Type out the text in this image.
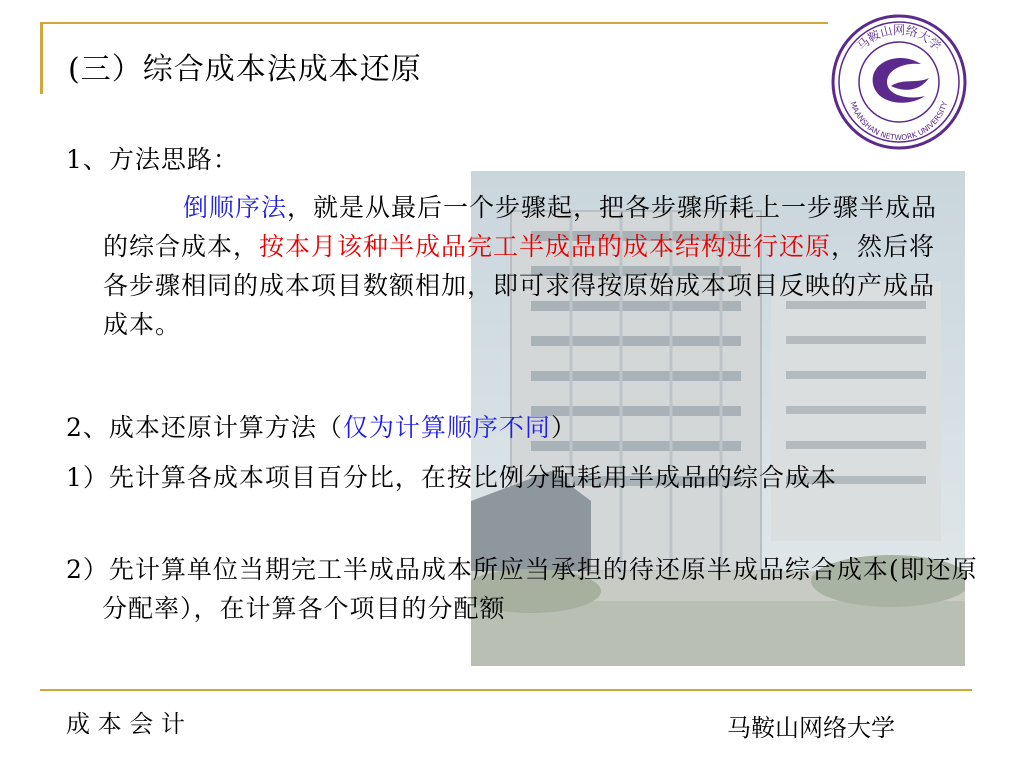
(三）综合成本法成本还原
马鞍山网络大学
MAANSHAN NETWORK UNIVERSITY
1、方法思路：
倒顺序法，就是从最后一个步骤起，把各步骤所耗上一步骤半成品的综合成本，按本月该种半成品完工半成品的成本结构进行还原，然后将各步骤相同的成本项目数额相加，即可求得按原始成本项目反映的产成品成本。
2、成本还原计算方法（仅为计算顺序不同）
1）先计算各成本项目百分比，在按比例分配耗用半成品的综合成本
2）先计算单位当期完工半成品成本所应当承担的待还原半成品综合成本(即还原分配率），在计算各个项目的分配额
成 本 会 计	马鞍山网络大学
